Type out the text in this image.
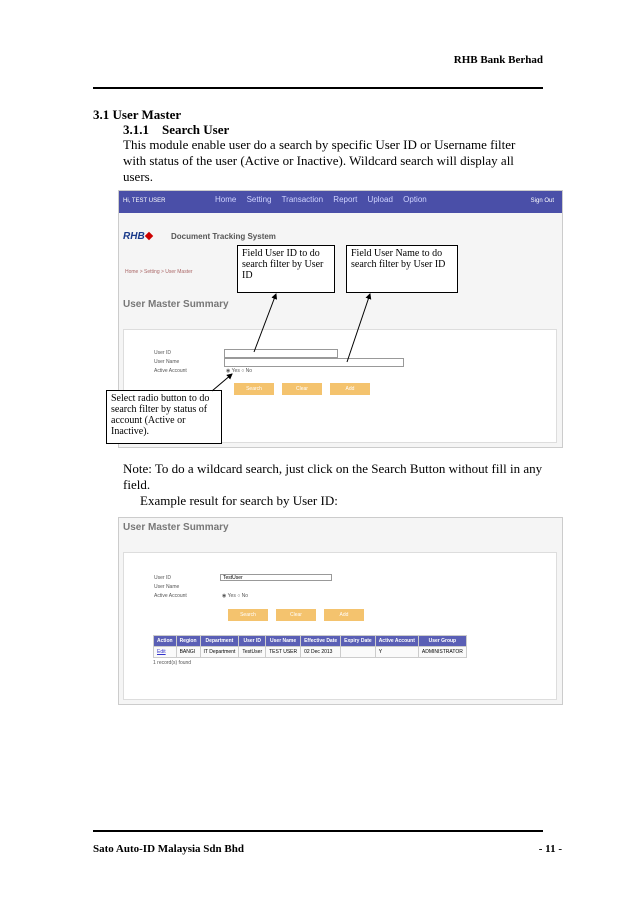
RHB Bank Berhad
3.1 User Master
3.1.1    Search User
This module enable user do a search by specific User ID or Username filter with status of the user (Active or Inactive). Wildcard search will display all users.
Hi, TEST USER	Home Setting Transaction Report Upload Option	Sign Out
RHB	Document Tracking System
Home > Setting > User Master
User Master Summary
User ID
User Name
Active Account	◉ Yes ○ No
Search	Clear	Add
Field User ID to do search filter by User ID
Field User Name to do search filter by User ID
Select radio button to do search filter by status of account (Active or Inactive).
Note: To do a wildcard search, just click on the Search Button without fill in any field.
Example result for search by User ID:
User Master Summary
User ID	TestUser
User Name
Active Account	◉ Yes ○ No
Search	Clear	Add
Action	Region	Department	User ID	User Name	Effective Date	Expiry Date	Active Account	User Group
Edit	BANGI	IT Department	TestUser	TEST USER	02 Dec 2013		Y	ADMINISTRATOR
1 record(s) found
Sato Auto-ID Malaysia Sdn Bhd	- 11 -
